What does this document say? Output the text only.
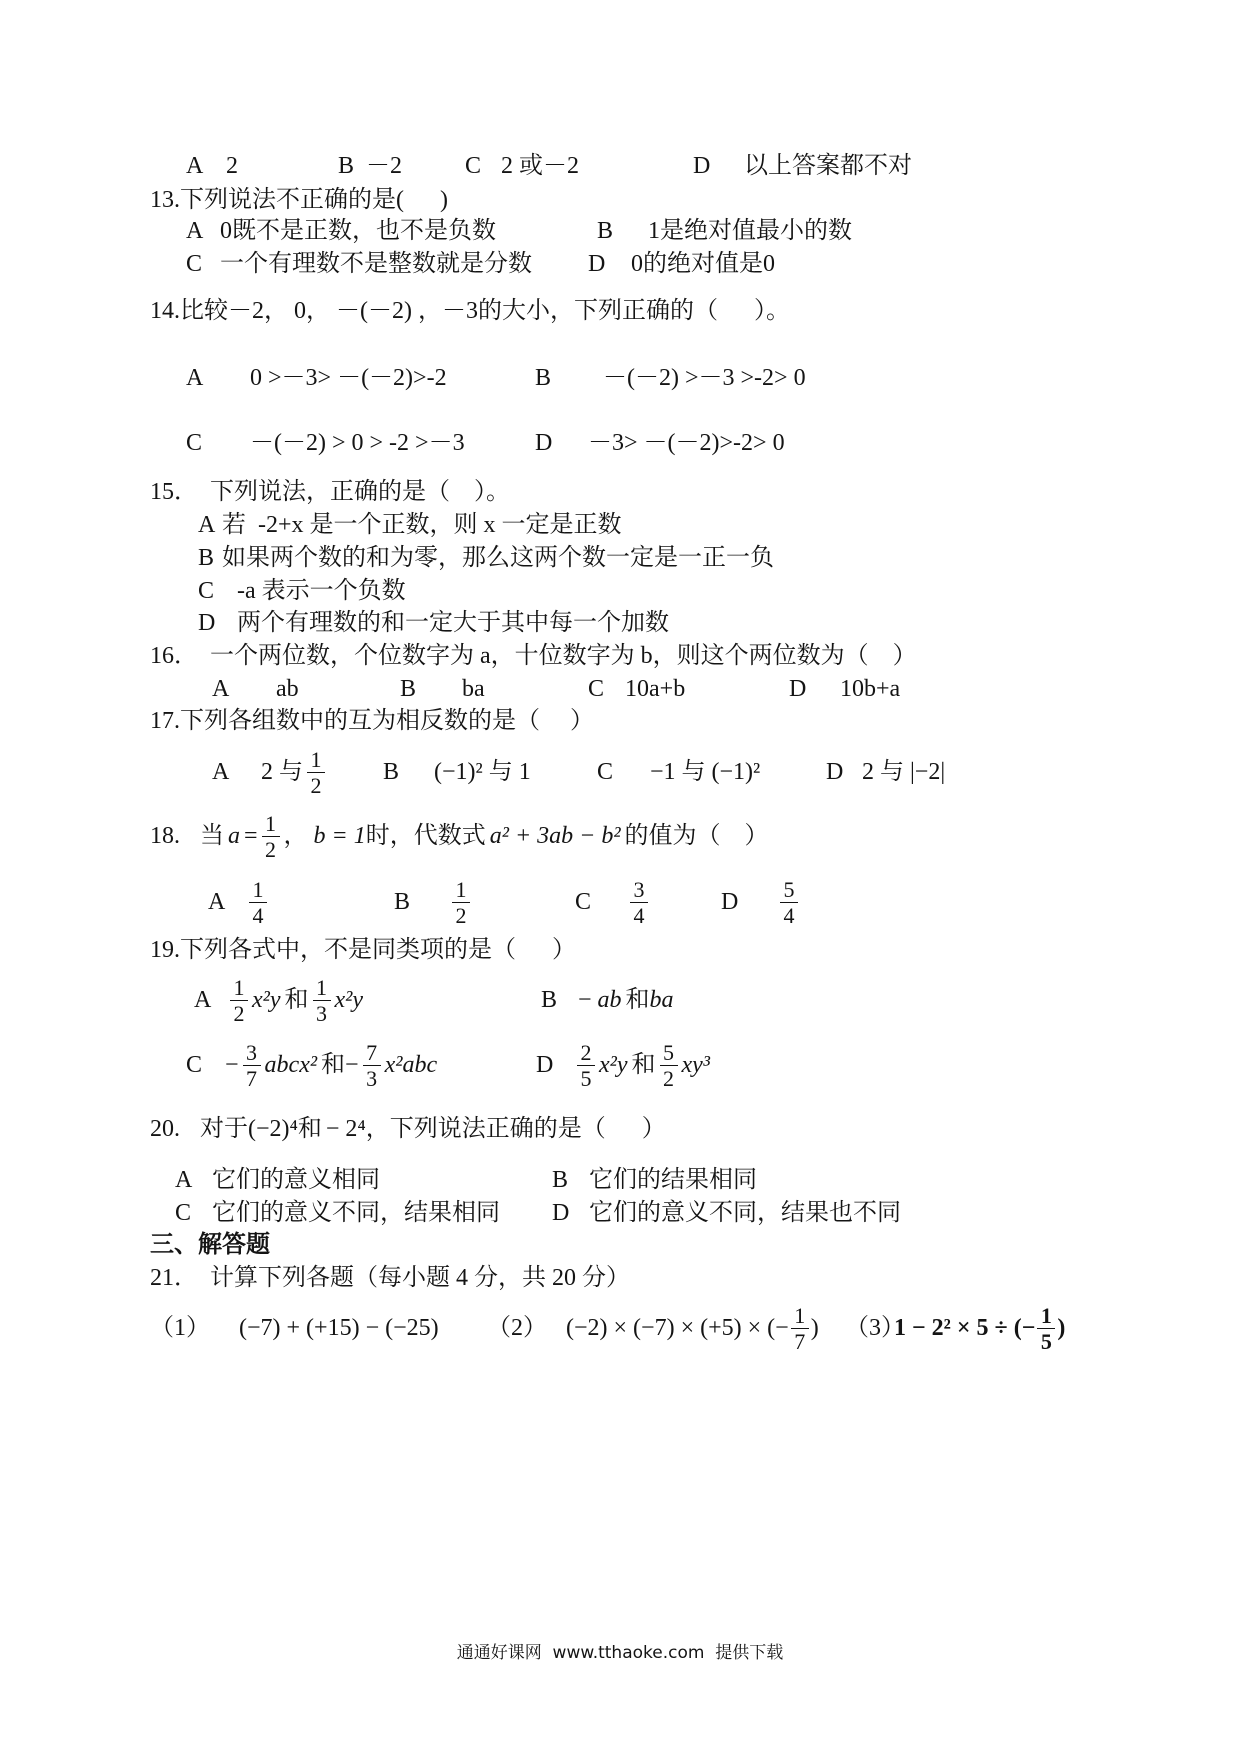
A 2	B －2	C 2 或－2	D 以上答案都不对
13.下列说法不正确的是(      )
A 0既不是正数，也不是负数	B 1是绝对值最小的数
C 一个有理数不是整数就是分数 D 0的绝对值是0
14.比较－2， 0， －(－2) ，－3的大小，下列正确的（      ）。
A 0 >－3> －(－2)>-2	B －(－2) >－3 >-2> 0
C －(－2) > 0 > -2 >－3	D －3> －(－2)>-2> 0
15．  下列说法，正确的是（    ）。
A 若  -2+x 是一个正数，则 x 一定是正数
B 如果两个数的和为零，那么这两个数一定是一正一负
C -a 表示一个负数
D 两个有理数的和一定大于其中每一个加数
16．  一个两位数，个位数字为 a，十位数字为 b，则这个两位数为（    ）
A ab	B ba	C 10a+b	D 10b+a
17.下列各组数中的互为相反数的是（     ）
A 2 与 $\frac{1}{2}$ B (−1)² 与 1	C −1 与 (−1)²	D 2 与 |−2|
18. 当 $a = \frac{1}{2}$ ， b = 1 时，代数式 a² + 3ab − b² 的值为（    ）
A $\frac{1}{4}$	B $\frac{1}{2}$	C $\frac{3}{4}$	D $\frac{5}{4}$
19.下列各式中，不是同类项的是（      ）
A $\frac{1}{2} x^2y$ 和 $\frac{1}{3} x^2y$	B − ab 和 ba
$C - \frac{3}{7}$ abcx² 和 − $\frac{7}{3} x^2abc$	D $\frac{2}{5} x^2y$ 和 $\frac{5}{2} xy^3$
20. 对于 (−2)⁴ 和 − 2⁴ ，下列说法正确的是（      ）
A 它们的意义相同	B 它们的结果相同
C 它们的意义不同，结果相同 D 它们的意义不同，结果也不同
三、解答题
21．  计算下列各题（每小题 4 分，共 20 分）
（1） (−7) + (+15) − (−25) （2） (−2) × (−7) × (+5) × (− $\frac{1}{7}$ ) （3）
1 − 2² × 5 ÷ (− $\frac{1}{5}$ )
通通好课网  www.tthaoke.com  提供下载
